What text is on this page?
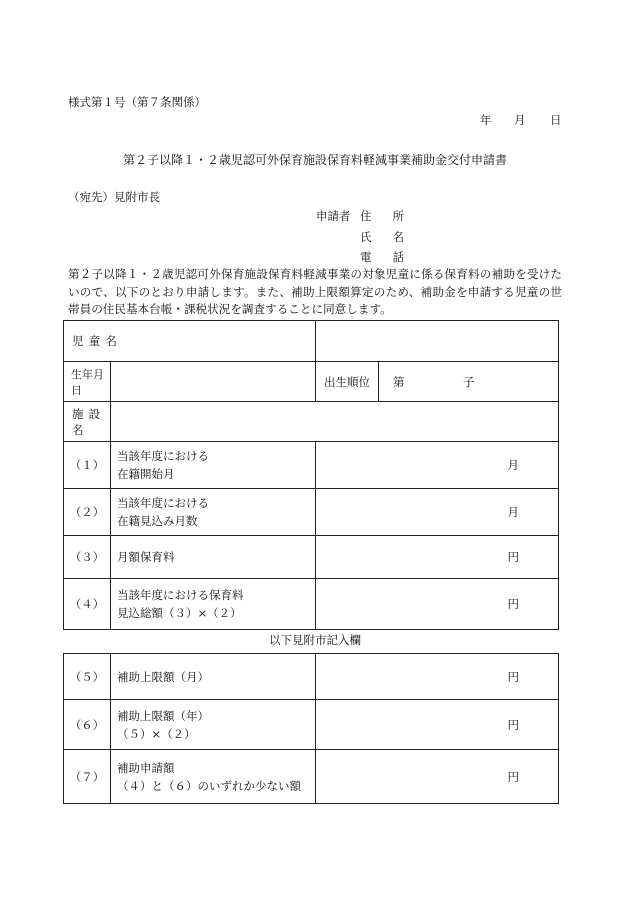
様式第１号（第７条関係）
年 月 日
第２子以降１・２歳児認可外保育施設保育料軽減事業補助金交付申請書
（宛先）見附市長
申請者 住 所
氏 名
電 話

第２子以降１・２歳児認可外保育施設保育料軽減事業の対象児童に係る保育料の補助を受けた

いので、以下のとおり申請します。また、補助上限額算定のため、補助金を申請する児童の世

帯員の住民基本台帳・課税状況を調査することに同意します。

児童名			

生年月日		出生順位	第 子
施設名			
（１）	当該年度における
在籍開始月	月	
（２）	当該年度における
在籍見込み月数	月	
（３）	月額保育料	円	
（４）	当該年度における保育料
見込総額（３）×（２）	円	
以下見附市記入欄
（５）	補助上限額（月）	円
（６）	補助上限額（年）
（５）×（２）	円
（７）	補助申請額
（４）と（６）のいずれか少ない額	円
